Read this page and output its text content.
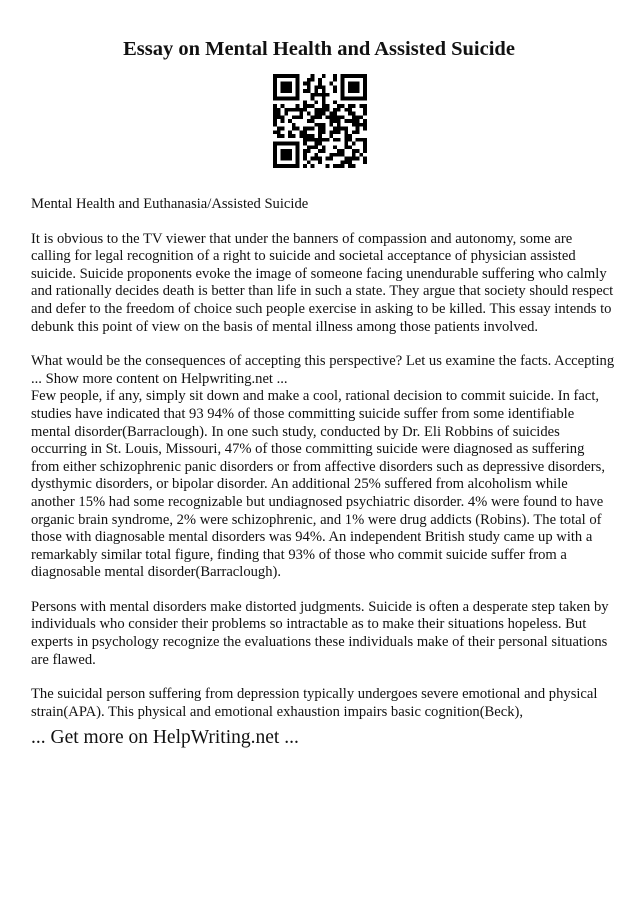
Essay on Mental Health and Assisted Suicide

Mental Health and Euthanasia/Assisted Suicide

It is obvious to the TV viewer that under the banners of compassion and autonomy, some are calling for legal recognition of a right to suicide and societal acceptance of physician assisted suicide. Suicide proponents evoke the image of someone facing unendurable suffering who calmly and rationally decides death is better than life in such a state. They argue that society should respect and defer to the freedom of choice such people exercise in asking to be killed. This essay intends to debunk this point of view on the basis of mental illness among those patients involved.

What would be the consequences of accepting this perspective? Let us examine the facts. Accepting

... Show more content on Helpwriting.net ...

Few people, if any, simply sit down and make a cool, rational decision to commit suicide. In fact, studies have indicated that 93 94% of those committing suicide suffer from some identifiable mental disorder(Barraclough). In one such study, conducted by Dr. Eli Robbins of suicides occurring in St. Louis, Missouri, 47% of those committing suicide were diagnosed as suffering from either schizophrenic panic disorders or from affective disorders such as depressive disorders, dysthymic disorders, or bipolar disorder. An additional 25% suffered from alcoholism while another 15% had some recognizable but undiagnosed psychiatric disorder. 4% were found to have organic brain syndrome, 2% were schizophrenic, and 1% were drug addicts (Robins). The total of those with diagnosable mental disorders was 94%. An independent British study came up with a remarkably similar total figure, finding that 93% of those who commit suicide suffer from a diagnosable mental disorder(Barraclough).

Persons with mental disorders make distorted judgments. Suicide is often a desperate step taken by individuals who consider their problems so intractable as to make their situations hopeless. But experts in psychology recognize the evaluations these individuals make of their personal situations are flawed.

The suicidal person suffering from depression typically undergoes severe emotional and physical strain(APA). This physical and emotional exhaustion impairs basic cognition(Beck),

... Get more on HelpWriting.net ...
